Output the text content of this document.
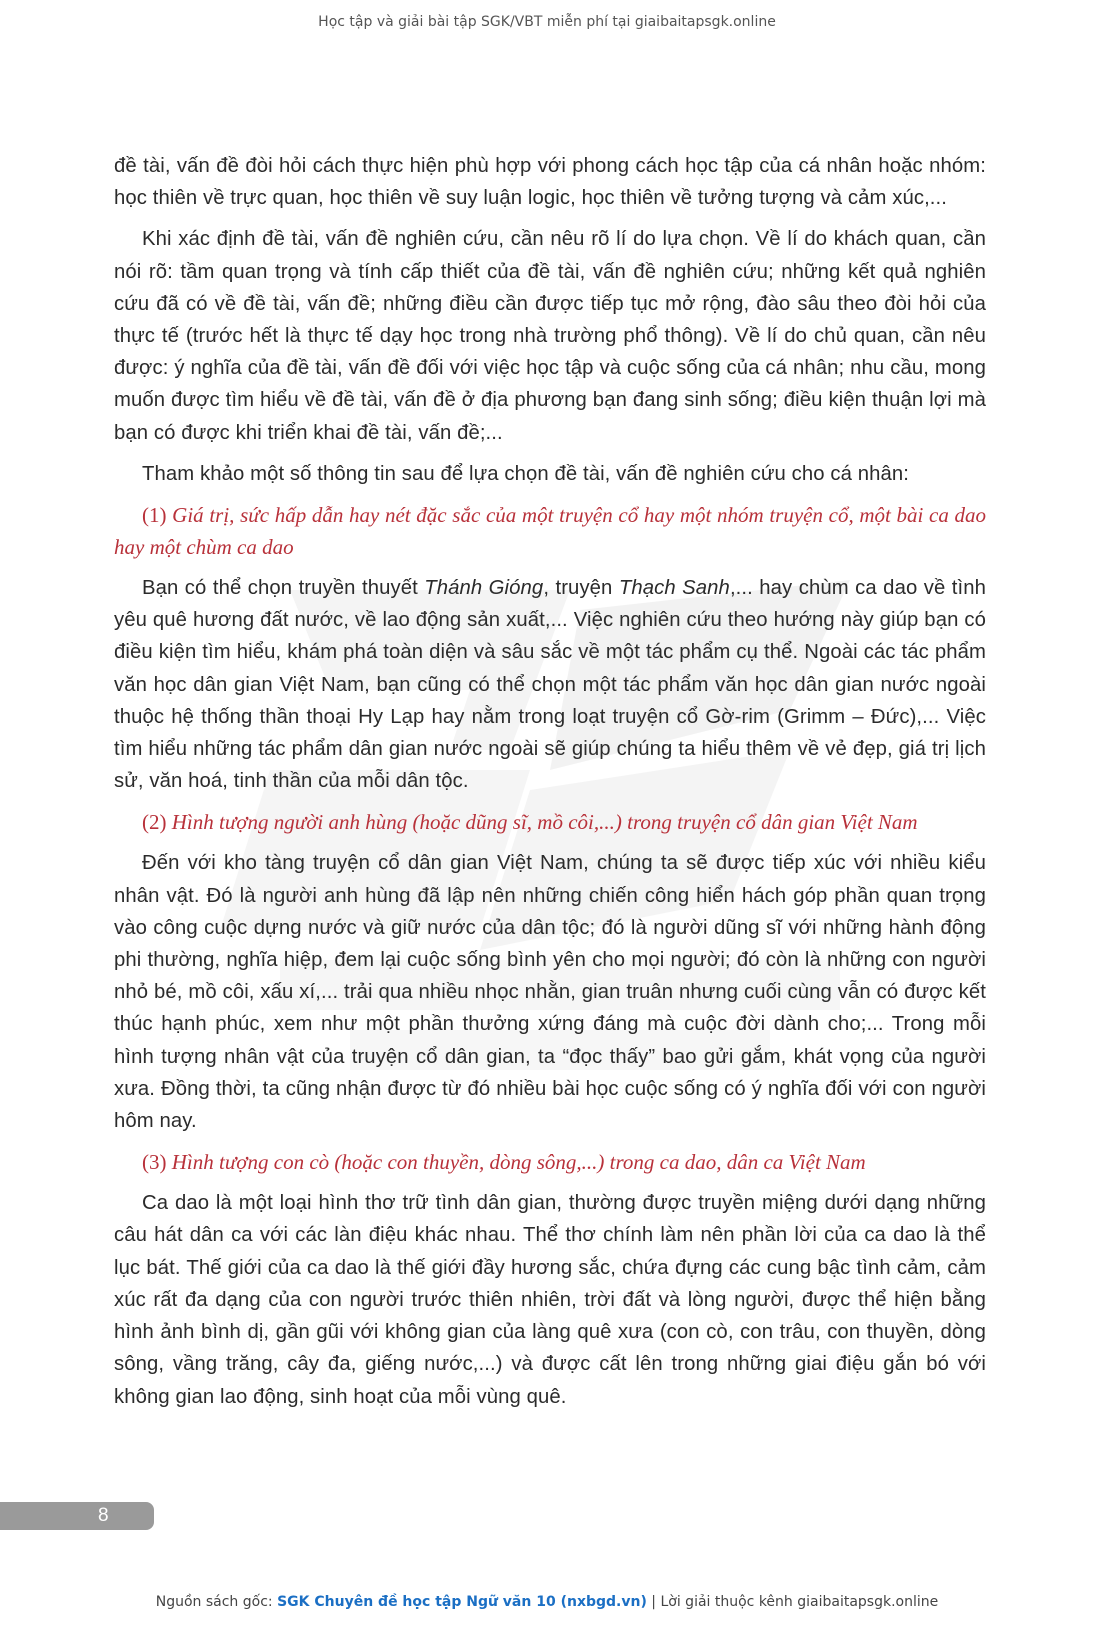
Học tập và giải bài tập SGK/VBT miễn phí tại giaibaitapsgk.online

đề tài, vấn đề đòi hỏi cách thực hiện phù hợp với phong cách học tập của cá nhân hoặc nhóm: học thiên về trực quan, học thiên về suy luận logic, học thiên về tưởng tượng và cảm xúc,...

Khi xác định đề tài, vấn đề nghiên cứu, cần nêu rõ lí do lựa chọn. Về lí do khách quan, cần nói rõ: tầm quan trọng và tính cấp thiết của đề tài, vấn đề nghiên cứu; những kết quả nghiên cứu đã có về đề tài, vấn đề; những điều cần được tiếp tục mở rộng, đào sâu theo đòi hỏi của thực tế (trước hết là thực tế dạy học trong nhà trường phổ thông). Về lí do chủ quan, cần nêu được: ý nghĩa của đề tài, vấn đề đối với việc học tập và cuộc sống của cá nhân; nhu cầu, mong muốn được tìm hiểu về đề tài, vấn đề ở địa phương bạn đang sinh sống; điều kiện thuận lợi mà bạn có được khi triển khai đề tài, vấn đề;...

Tham khảo một số thông tin sau để lựa chọn đề tài, vấn đề nghiên cứu cho cá nhân:

(1) Giá trị, sức hấp dẫn hay nét đặc sắc của một truyện cổ hay một nhóm truyện cổ, một bài ca dao hay một chùm ca dao

Bạn có thể chọn truyền thuyết Thánh Gióng, truyện Thạch Sanh,... hay chùm ca dao về tình yêu quê hương đất nước, về lao động sản xuất,... Việc nghiên cứu theo hướng này giúp bạn có điều kiện tìm hiểu, khám phá toàn diện và sâu sắc về một tác phẩm cụ thể. Ngoài các tác phẩm văn học dân gian Việt Nam, bạn cũng có thể chọn một tác phẩm văn học dân gian nước ngoài thuộc hệ thống thần thoại Hy Lạp hay nằm trong loạt truyện cổ Gờ-rim (Grimm – Đức),... Việc tìm hiểu những tác phẩm dân gian nước ngoài sẽ giúp chúng ta hiểu thêm về vẻ đẹp, giá trị lịch sử, văn hoá, tinh thần của mỗi dân tộc.

(2) Hình tượng người anh hùng (hoặc dũng sĩ, mồ côi,...) trong truyện cổ dân gian Việt Nam

Đến với kho tàng truyện cổ dân gian Việt Nam, chúng ta sẽ được tiếp xúc với nhiều kiểu nhân vật. Đó là người anh hùng đã lập nên những chiến công hiển hách góp phần quan trọng vào công cuộc dựng nước và giữ nước của dân tộc; đó là người dũng sĩ với những hành động phi thường, nghĩa hiệp, đem lại cuộc sống bình yên cho mọi người; đó còn là những con người nhỏ bé, mồ côi, xấu xí,... trải qua nhiều nhọc nhằn, gian truân nhưng cuối cùng vẫn có được kết thúc hạnh phúc, xem như một phần thưởng xứng đáng mà cuộc đời dành cho;... Trong mỗi hình tượng nhân vật của truyện cổ dân gian, ta “đọc thấy” bao gửi gắm, khát vọng của người xưa. Đồng thời, ta cũng nhận được từ đó nhiều bài học cuộc sống có ý nghĩa đối với con người hôm nay.

(3) Hình tượng con cò (hoặc con thuyền, dòng sông,...) trong ca dao, dân ca Việt Nam

Ca dao là một loại hình thơ trữ tình dân gian, thường được truyền miệng dưới dạng những câu hát dân ca với các làn điệu khác nhau. Thể thơ chính làm nên phần lời của ca dao là thể lục bát. Thế giới của ca dao là thế giới đầy hương sắc, chứa đựng các cung bậc tình cảm, cảm xúc rất đa dạng của con người trước thiên nhiên, trời đất và lòng người, được thể hiện bằng hình ảnh bình dị, gần gũi với không gian của làng quê xưa (con cò, con trâu, con thuyền, dòng sông, vầng trăng, cây đa, giếng nước,...) và được cất lên trong những giai điệu gắn bó với không gian lao động, sinh hoạt của mỗi vùng quê.

8
Nguồn sách gốc: SGK Chuyên đề học tập Ngữ văn 10 (nxbgd.vn) | Lời giải thuộc kênh giaibaitapsgk.online
